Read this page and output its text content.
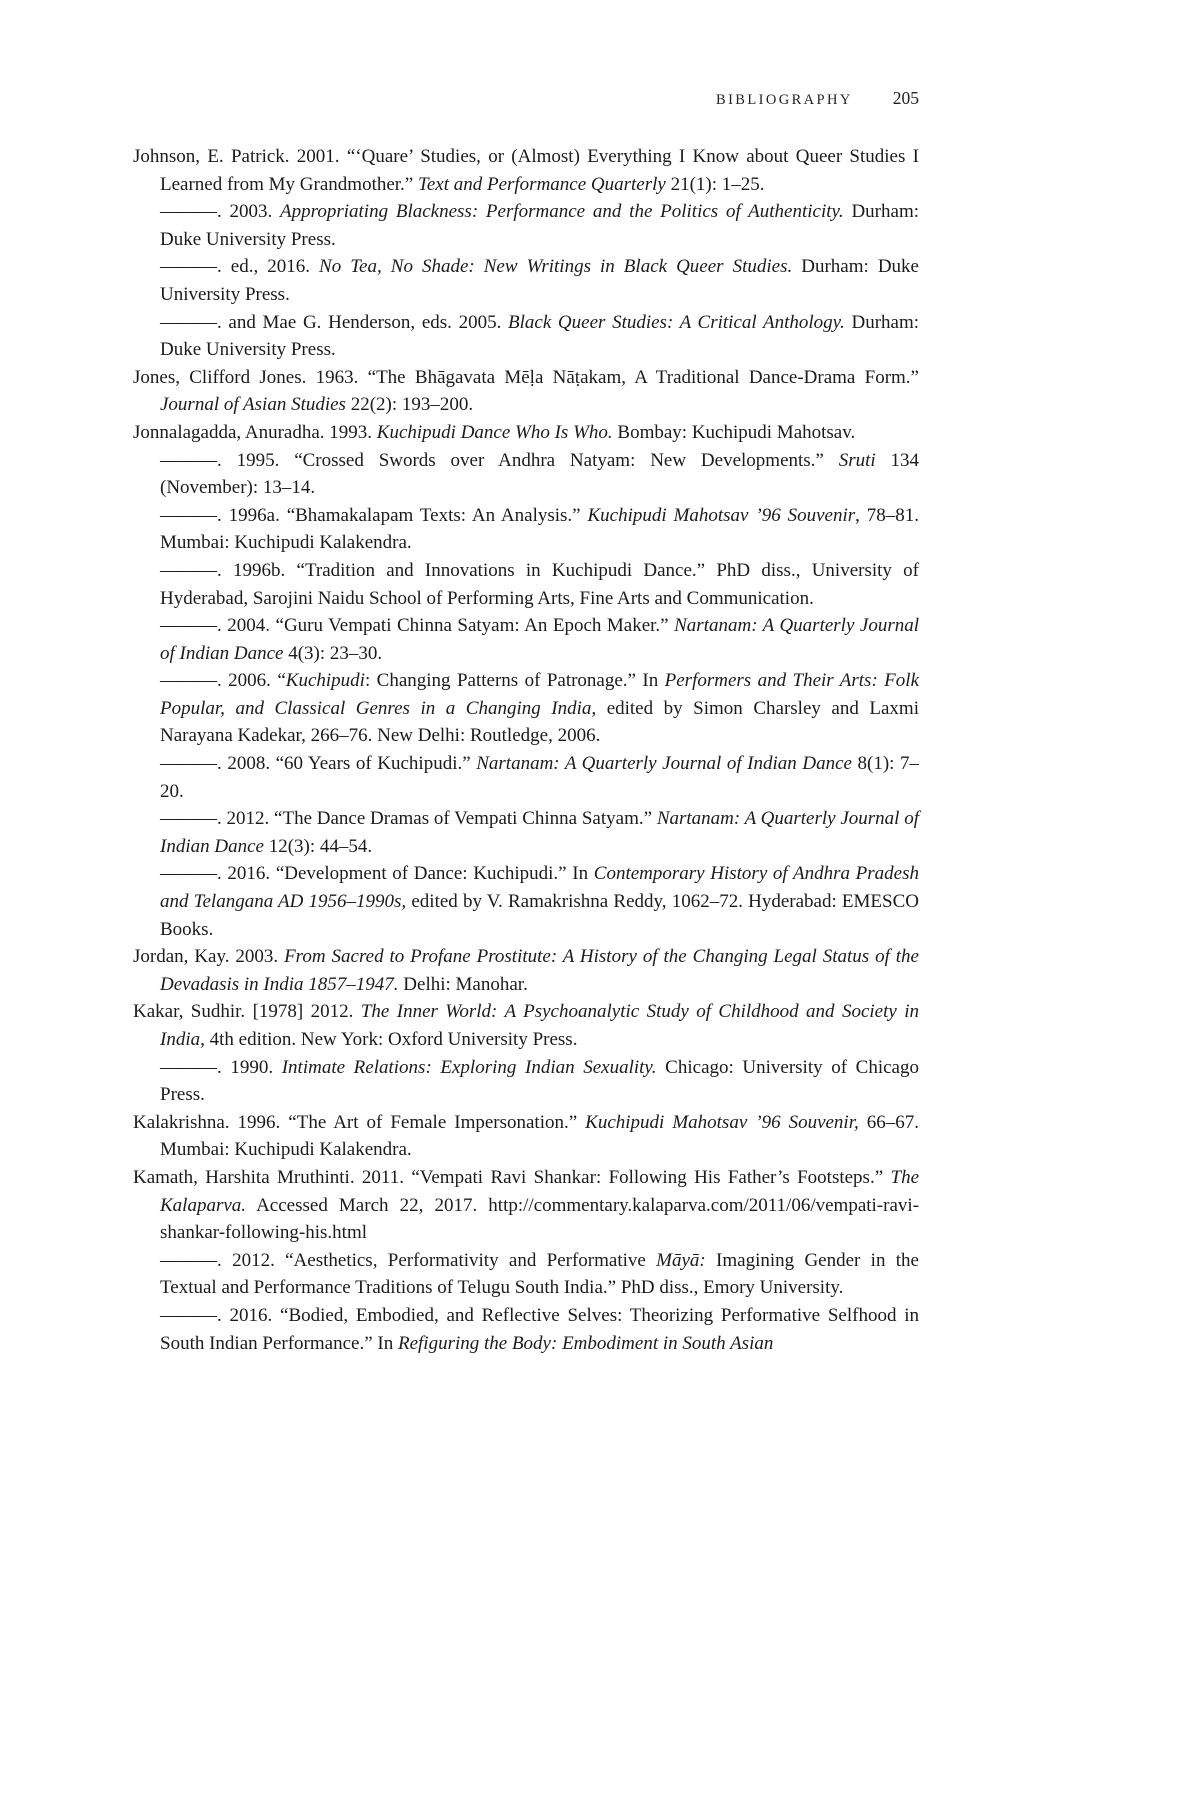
BIBLIOGRAPHY 205

Johnson, E. Patrick. 2001. “‘Quare’ Studies, or (Almost) Everything I Know about Queer Studies I Learned from My Grandmother.” Text and Performance Quarterly 21(1): 1–25.

———. 2003. Appropriating Blackness: Performance and the Politics of Authenticity. Durham: Duke University Press.

———. ed., 2016. No Tea, No Shade: New Writings in Black Queer Studies. Durham: Duke University Press.

———. and Mae G. Henderson, eds. 2005. Black Queer Studies: A Critical Anthology. Durham: Duke University Press.

Jones, Clifford Jones. 1963. “The Bhāgavata Mēḷa Nāṭakam, A Traditional Dance-Drama Form.” Journal of Asian Studies 22(2): 193–200.

Jonnalagadda, Anuradha. 1993. Kuchipudi Dance Who Is Who. Bombay: Kuchipudi Mahotsav.

———. 1995. “Crossed Swords over Andhra Natyam: New Developments.” Sruti 134 (November): 13–14.

———. 1996a. “Bhamakalapam Texts: An Analysis.” Kuchipudi Mahotsav ’96 Souvenir, 78–81. Mumbai: Kuchipudi Kalakendra.

———. 1996b. “Tradition and Innovations in Kuchipudi Dance.” PhD diss., University of Hyderabad, Sarojini Naidu School of Performing Arts, Fine Arts and Communication.

———. 2004. “Guru Vempati Chinna Satyam: An Epoch Maker.” Nartanam: A Quarterly Journal of Indian Dance 4(3): 23–30.

———. 2006. “Kuchipudi: Changing Patterns of Patronage.” In Performers and Their Arts: Folk Popular, and Classical Genres in a Changing India, edited by Simon Charsley and Laxmi Narayana Kadekar, 266–76. New Delhi: Routledge, 2006.

———. 2008. “60 Years of Kuchipudi.” Nartanam: A Quarterly Journal of Indian Dance 8(1): 7–20.

———. 2012. “The Dance Dramas of Vempati Chinna Satyam.” Nartanam: A Quarterly Journal of Indian Dance 12(3): 44–54.

———. 2016. “Development of Dance: Kuchipudi.” In Contemporary History of Andhra Pradesh and Telangana AD 1956–1990s, edited by V. Ramakrishna Reddy, 1062–72. Hyderabad: EMESCO Books.

Jordan, Kay. 2003. From Sacred to Profane Prostitute: A History of the Changing Legal Status of the Devadasis in India 1857–1947. Delhi: Manohar.

Kakar, Sudhir. [1978] 2012. The Inner World: A Psychoanalytic Study of Childhood and Society in India, 4th edition. New York: Oxford University Press.

———. 1990. Intimate Relations: Exploring Indian Sexuality. Chicago: University of Chicago Press.

Kalakrishna. 1996. “The Art of Female Impersonation.” Kuchipudi Mahotsav ’96 Souvenir, 66–67. Mumbai: Kuchipudi Kalakendra.

Kamath, Harshita Mruthinti. 2011. “Vempati Ravi Shankar: Following His Father’s Footsteps.” The Kalaparva. Accessed March 22, 2017. http://commentary.kalaparva.com/2011/06/vempati-ravi-shankar-following-his.html

———. 2012. “Aesthetics, Performativity and Performative Māyā: Imagining Gender in the Textual and Performance Traditions of Telugu South India.” PhD diss., Emory University.

———. 2016. “Bodied, Embodied, and Reflective Selves: Theorizing Performative Selfhood in South Indian Performance.” In Refiguring the Body: Embodiment in South Asian
